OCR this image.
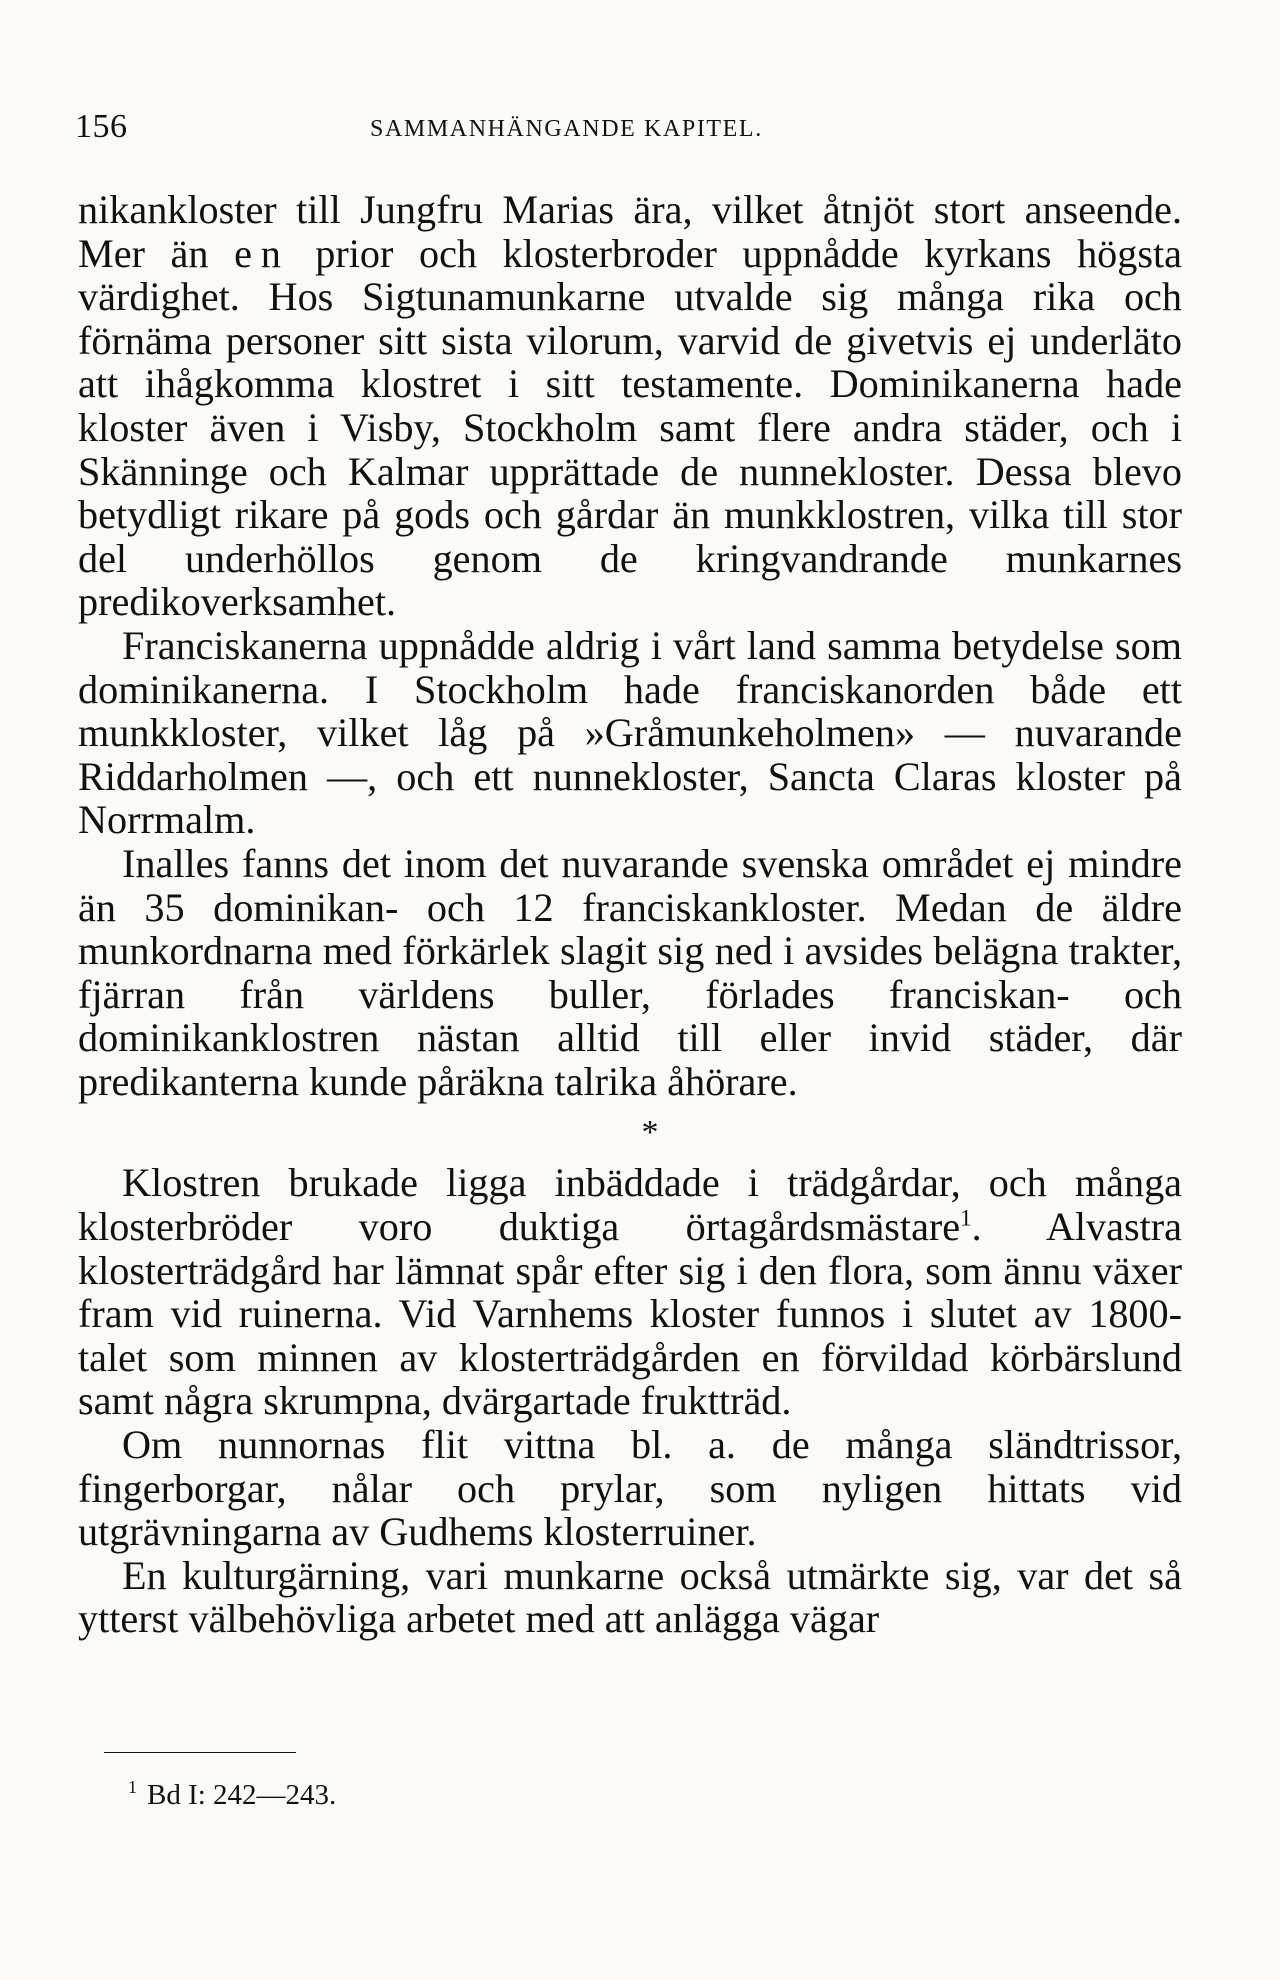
156	SAMMANHÄNGANDE KAPITEL.

nikankloster till Jungfru Marias ära, vilket åtnjöt stort anseende. Mer än en prior och klosterbroder uppnådde kyrkans högsta värdighet. Hos Sigtunamunkarne utvalde sig många rika och förnäma personer sitt sista vilorum, varvid de givetvis ej underläto att ihågkomma klostret i sitt testamente. Dominikanerna hade kloster även i Visby, Stockholm samt flere andra städer, och i Skänninge och Kalmar upprättade de nunnekloster. Dessa blevo betydligt rikare på gods och gårdar än munkklostren, vilka till stor del underhöllos genom de kringvandrande munkarnes predikoverksamhet.

Franciskanerna uppnådde aldrig i vårt land samma betydelse som dominikanerna. I Stockholm hade franciskanorden både ett munkkloster, vilket låg på »Gråmunkeholmen» — nuvarande Riddarholmen —, och ett nunnekloster, Sancta Claras kloster på Norrmalm.

Inalles fanns det inom det nuvarande svenska området ej mindre än 35 dominikan- och 12 franciskankloster. Medan de äldre munkordnarna med förkärlek slagit sig ned i avsides belägna trakter, fjärran från världens buller, förlades franciskan- och dominikanklostren nästan alltid till eller invid städer, där predikanterna kunde påräkna talrika åhörare.

*

Klostren brukade ligga inbäddade i trädgårdar, och många klosterbröder voro duktiga örtagårdsmästare$^1$. Alvastra klosterträdgård har lämnat spår efter sig i den flora, som ännu växer fram vid ruinerna. Vid Varnhems kloster funnos i slutet av 1800-talet som minnen av klosterträdgården en förvildad körbärslund samt några skrumpna, dvärgartade fruktträd.

Om nunnornas flit vittna bl. a. de många sländtrissor, fingerborgar, nålar och prylar, som nyligen hittats vid utgrävningarna av Gudhems klosterruiner.

En kulturgärning, vari munkarne också utmärkte sig, var det så ytterst välbehövliga arbetet med att anlägga vägar

$^1$ Bd I: 242—243.
